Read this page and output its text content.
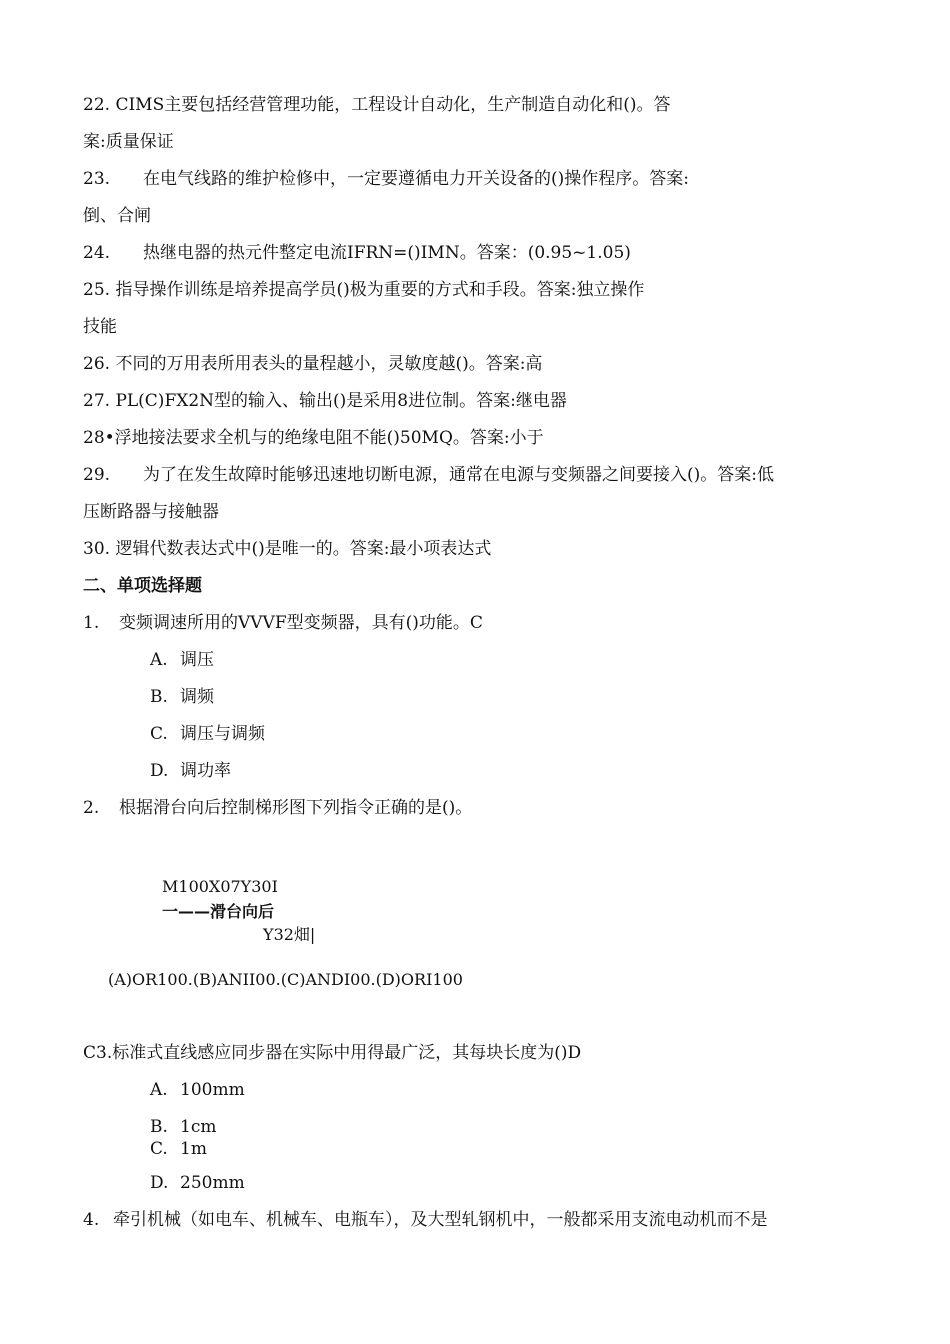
22. CIMS主要包括经营管理功能，工程设计自动化，生产制造自动化和()。答
案:质量保证
23. 在电气线路的维护检修中，一定要遵循电力开关设备的()操作程序。答案:
倒、合闸
24. 热继电器的热元件整定电流IFRN=()IMN。答案：(0.95~1.05)
25. 指导操作训练是培养提高学员()极为重要的方式和手段。答案:独立操作
技能
26. 不同的万用表所用表头的量程越小，灵敏度越()。答案:高
27. PL(C)FX2N型的输入、输出()是采用8进位制。答案:继电器
28•浮地接法要求全机与的绝缘电阻不能()50MQ。答案:小于
29. 为了在发生故障时能够迅速地切断电源，通常在电源与变频器之间要接入()。答案:低
压断路器与接触器
30. 逻辑代数表达式中()是唯一的。答案:最小项表达式
二、单项选择题
1. 变频调速所用的VVVF型变频器，具有()功能。C
A. 调压
B. 调频
C. 调压与调频
D. 调功率
2. 根据滑台向后控制梯形图下列指令正确的是()。
M100X07Y30I
一——滑台向后
Y32畑|
(A)OR100.(B)ANII00.(C)ANDI00.(D)ORI100
C3.标准式直线感应同步器在实际中用得最广泛，其每块长度为()D
A. 100mm
B. 1cm
C. 1m
D. 250mm
4. 牵引机械（如电车、机械车、电瓶车），及大型轧钢机中，一般都采用支流电动机而不是
